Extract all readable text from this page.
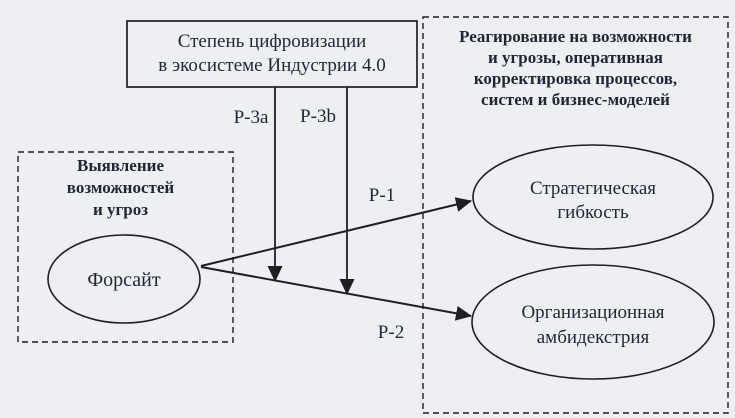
Степень цифровизации
в экосистеме Индустрии 4.0
Реагирование на возможности
и угрозы, оперативная
корректировка процессов,
систем и бизнес-моделей
Выявление
возможностей
и угроз
Форсайт
Стратегическая
гибкость
Организационная
амбидекстрия
P-3a P-3b
P-1
P-2
